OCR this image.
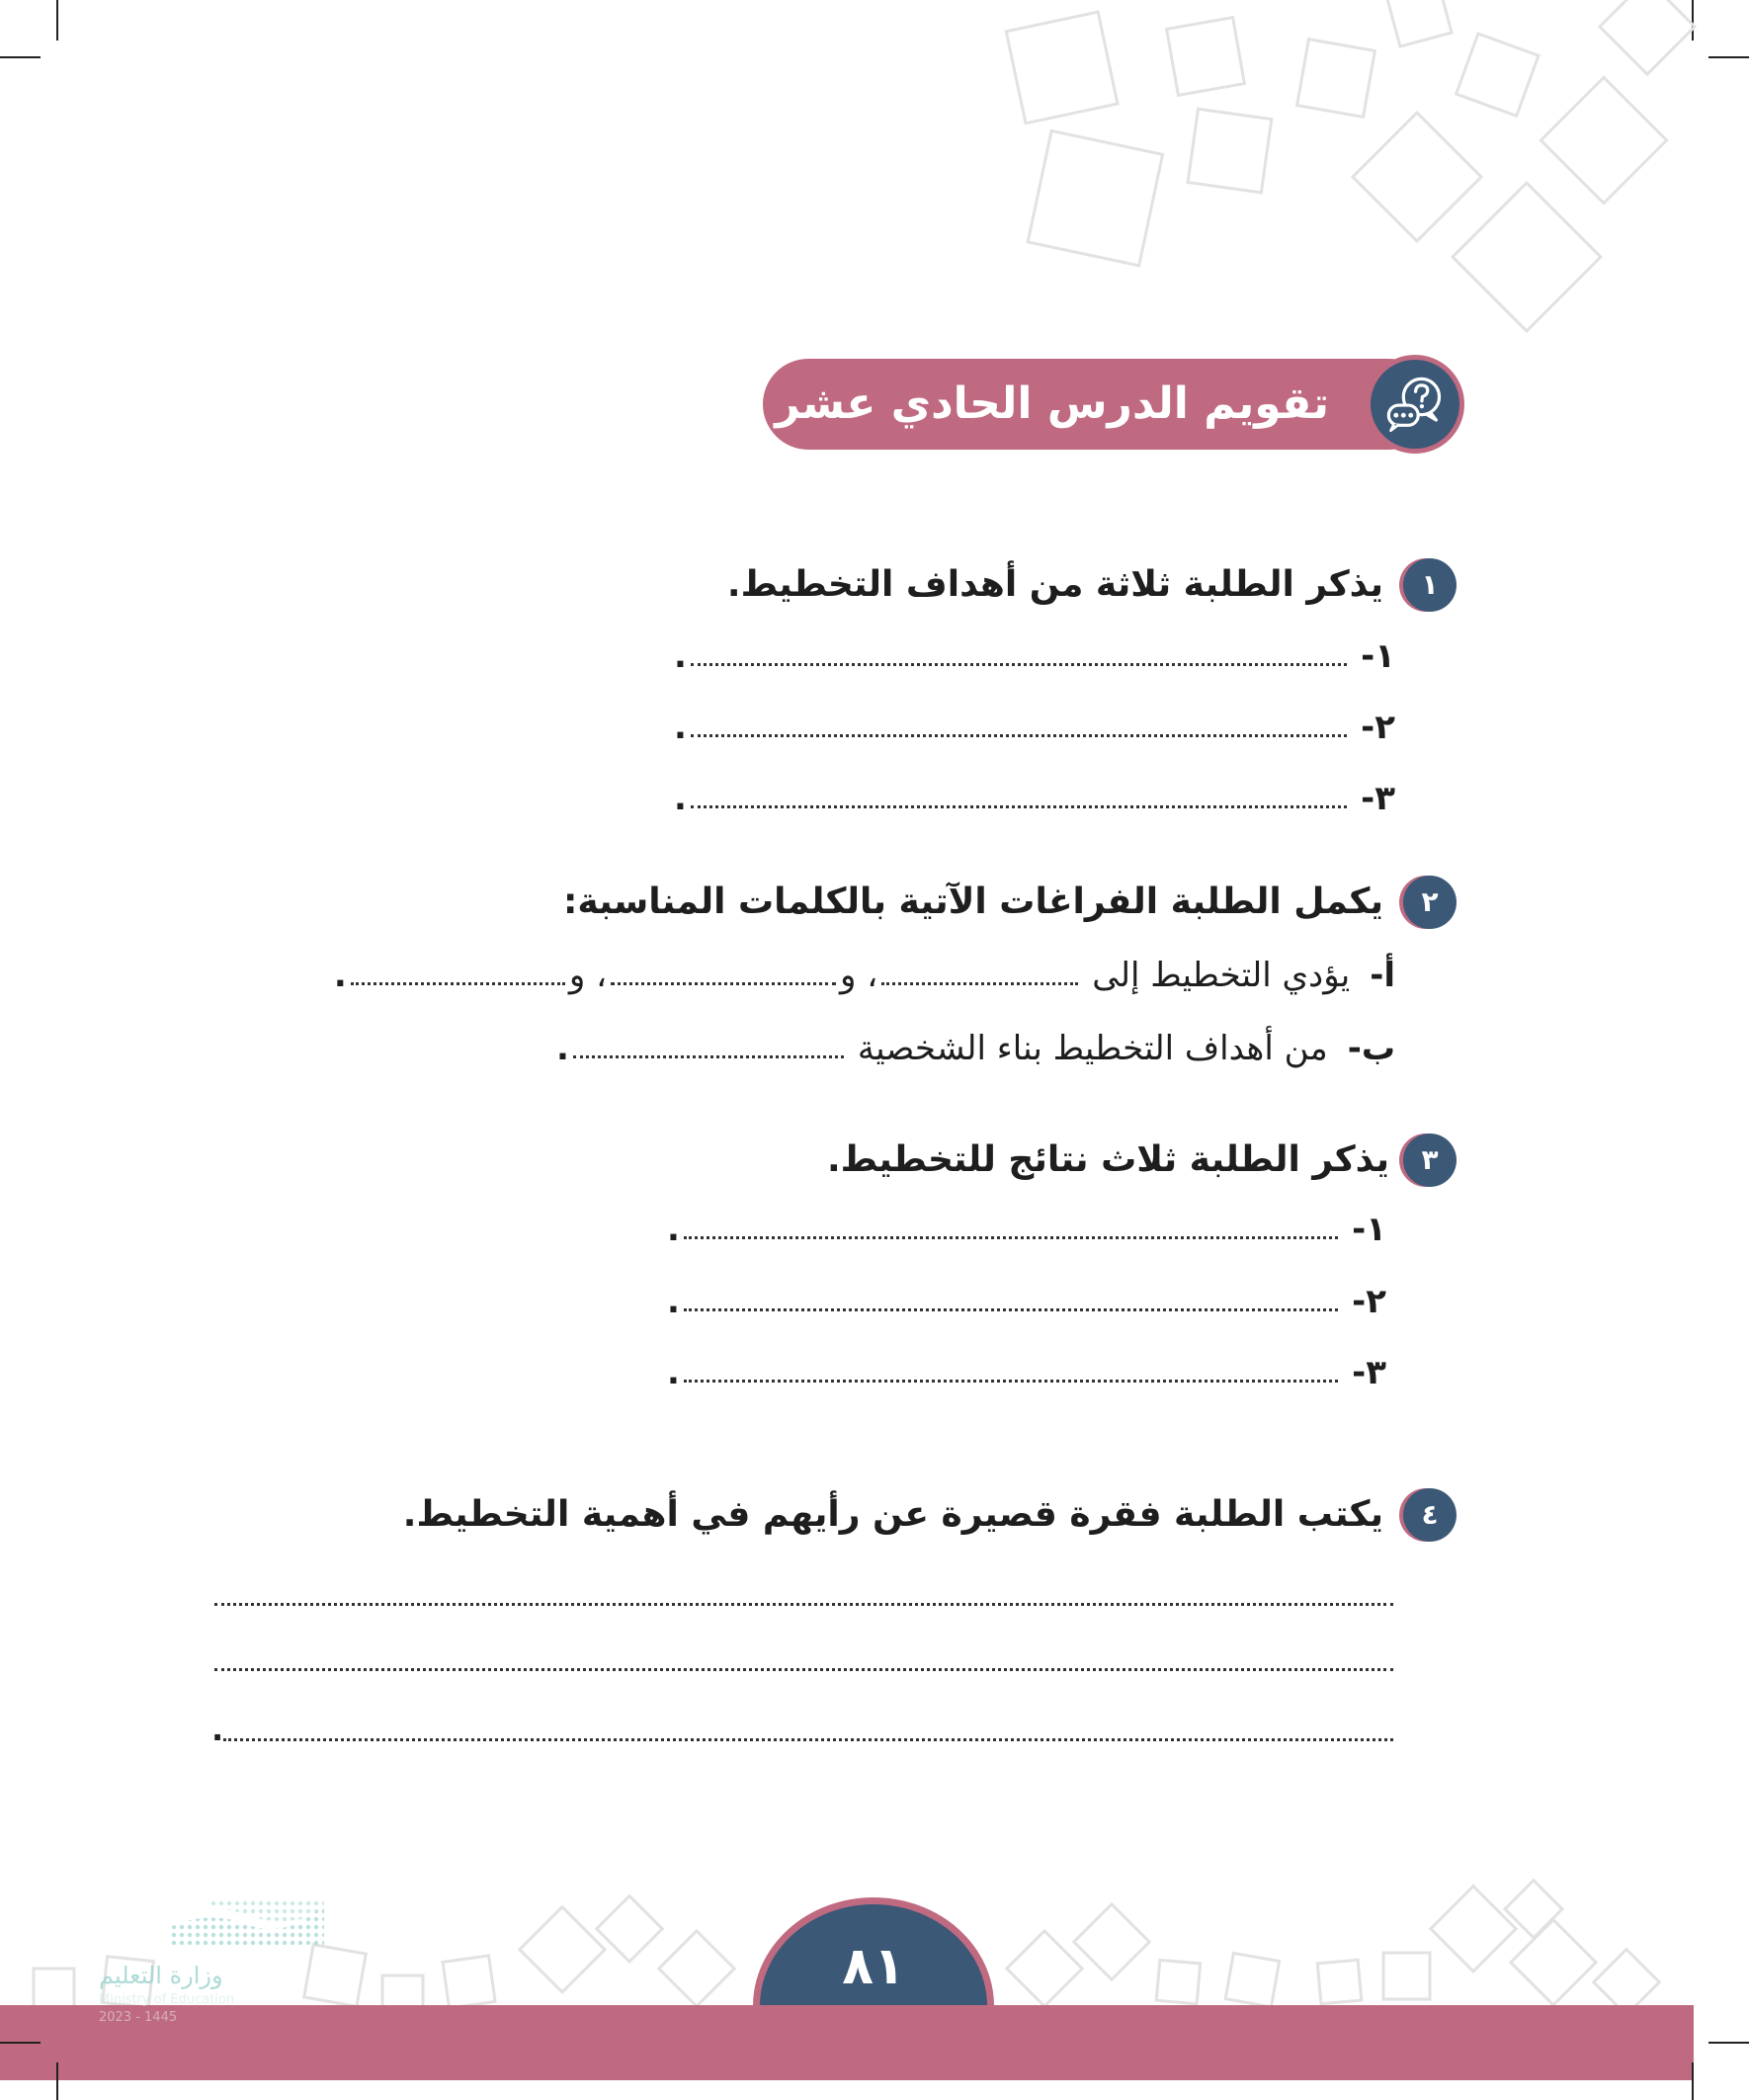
تقويم الدرس الحادي عشر
١
يذكر الطلبة ثلاثة من أهداف التخطيط.
١-
.
٢-
.
٣-
.
٢
يكمل الطلبة الفراغات الآتية بالكلمات المناسبة:
أ-
يؤدي التخطيط إلى
، و
، و
.
ب-
من أهداف التخطيط بناء الشخصية
.
٣
يذكر الطلبة ثلاث نتائج للتخطيط.
١-
.
٢-
.
٣-
.
٤
يكتب الطلبة فقرة قصيرة عن رأيهم في أهمية التخطيط.
.
٨١
وزارة التعليم
Ministry of Education
2023 - 1445
